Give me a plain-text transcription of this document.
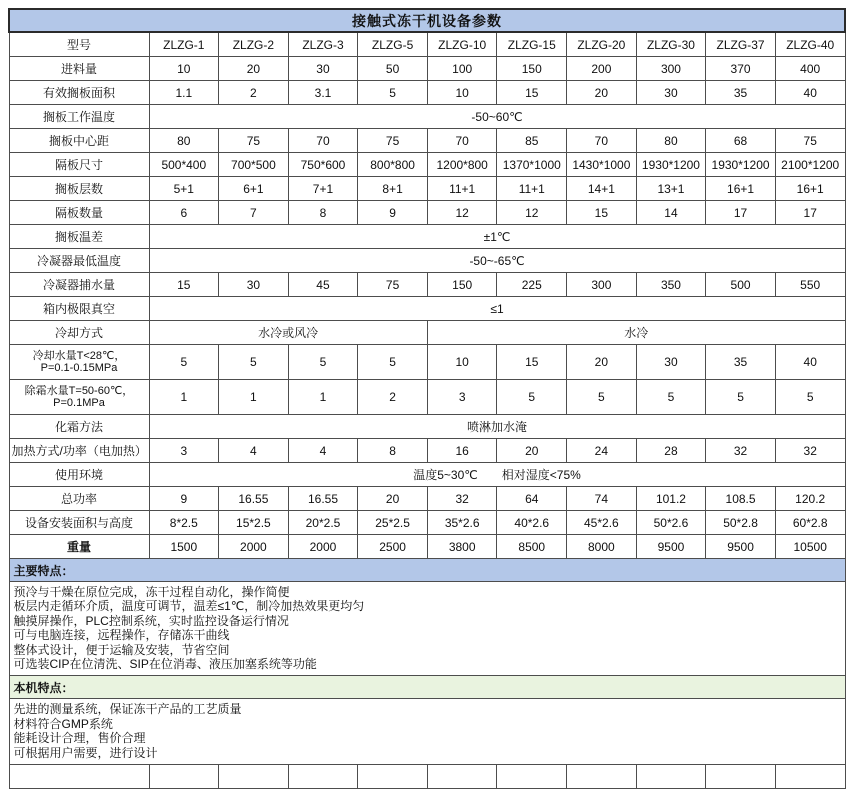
接触式冻干机设备参数										
型号	ZLZG-1	ZLZG-2	ZLZG-3	ZLZG-5	ZLZG-10	ZLZG-15	ZLZG-20	ZLZG-30	ZLZG-37	ZLZG-40
进料量	10	20	30	50	100	150	200	300	370	400
有效搁板面积	1.1	2	3.1	5	10	15	20	30	35	40
搁板工作温度	-50~60℃									
搁板中心距	80	75	70	75	70	85	70	80	68	75
隔板尺寸	500*400	700*500	750*600	800*800	1200*800	1370*1000	1430*1000	1930*1200	1930*1200	2100*1200
搁板层数	5+1	6+1	7+1	8+1	11+1	11+1	14+1	13+1	16+1	16+1
隔板数量	6	7	8	9	12	12	15	14	17	17
搁板温差	±1℃									
冷凝器最低温度	-50~-65℃									
冷凝器捕水量	15	30	45	75	150	225	300	350	500	550
箱内极限真空	≤1									
冷却方式	水冷或风冷				水冷					

冷却水量T<28℃，
P=0.1-0.15MPa	5	5	5	5	10	15	20	30	35	40

除霜水量T=50-60℃，
P=0.1MPa	1	1	1	2	3	5	5	5	5	5
化霜方法	喷淋加水淹									
加热方式/功率（电加热）	3	4	4	8	16	20	24	28	32	32
使用环境	温度5~30℃　　相对湿度<75%									
总功率	9	16.55	16.55	20	32	64	74	101.2	108.5	120.2
设备安装面积与高度	8*2.5	15*2.5	20*2.5	25*2.5	35*2.6	40*2.6	45*2.6	50*2.6	50*2.8	60*2.8
重量	1500	2000	2000	2500	3800	8500	8000	9500	9500	10500
主要特点：										

预冷与干燥在原位完成，冻干过程自动化，操作简便
板层内走循环介质，温度可调节，温差≤1℃，制冷加热效果更均匀
触摸屏操作，PLC控制系统，实时监控设备运行情况
可与电脑连接，远程操作，存储冻干曲线
整体式设计，便于运输及安装，节省空间
可选装CIP在位清洗、SIP在位消毒、液压加塞系统等功能

本机特点：										

先进的测量系统，保证冻干产品的工艺质量
材料符合GMP系统
能耗设计合理，售价合理
可根据用户需要，进行设计										
